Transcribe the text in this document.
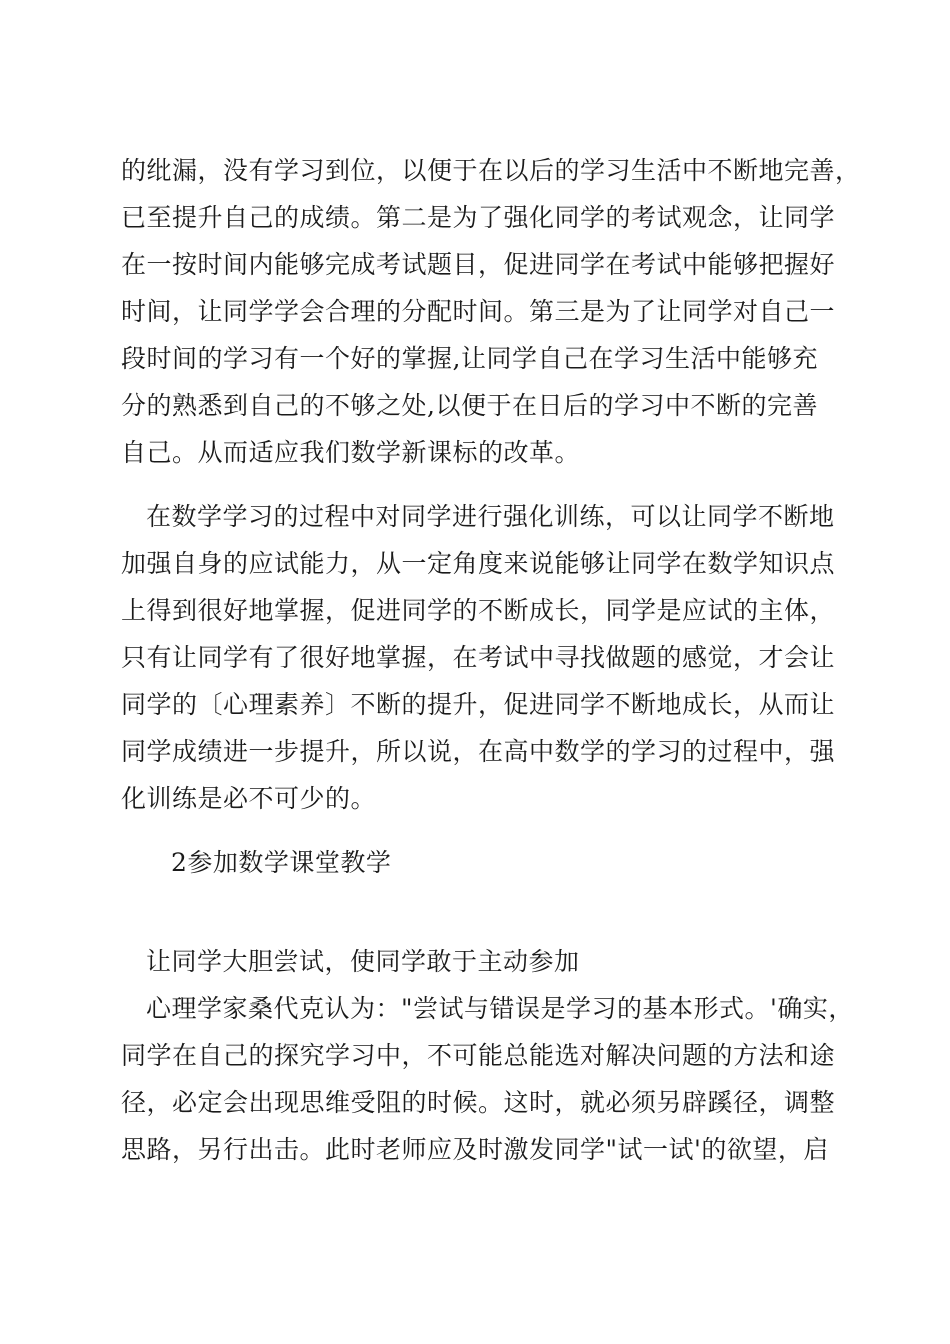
的纰漏，没有学习到位，以便于在以后的学习生活中不断地完善，
已至提升自己的成绩。第二是为了强化同学的考试观念，让同学
在一按时间内能够完成考试题目，促进同学在考试中能够把握好
时间，让同学学会合理的分配时间。第三是为了让同学对自己一
段时间的学习有一个好的掌握,让同学自己在学习生活中能够充
分的熟悉到自己的不够之处,以便于在日后的学习中不断的完善
自己。从而适应我们数学新课标的改革。
在数学学习的过程中对同学进行强化训练，可以让同学不断地
加强自身的应试能力，从一定角度来说能够让同学在数学知识点
上得到很好地掌握，促进同学的不断成长，同学是应试的主体，
只有让同学有了很好地掌握，在考试中寻找做题的感觉，才会让
同学的〔心理素养〕不断的提升，促进同学不断地成长，从而让
同学成绩进一步提升，所以说，在高中数学的学习的过程中，强
化训练是必不可少的。
2参加数学课堂教学
让同学大胆尝试，使同学敢于主动参加
心理学家桑代克认为："尝试与错误是学习的基本形式。'确实，
同学在自己的探究学习中，不可能总能选对解决问题的方法和途
径，必定会出现思维受阻的时候。这时，就必须另辟蹊径，调整
思路，另行出击。此时老师应及时激发同学"试一试'的欲望，启
